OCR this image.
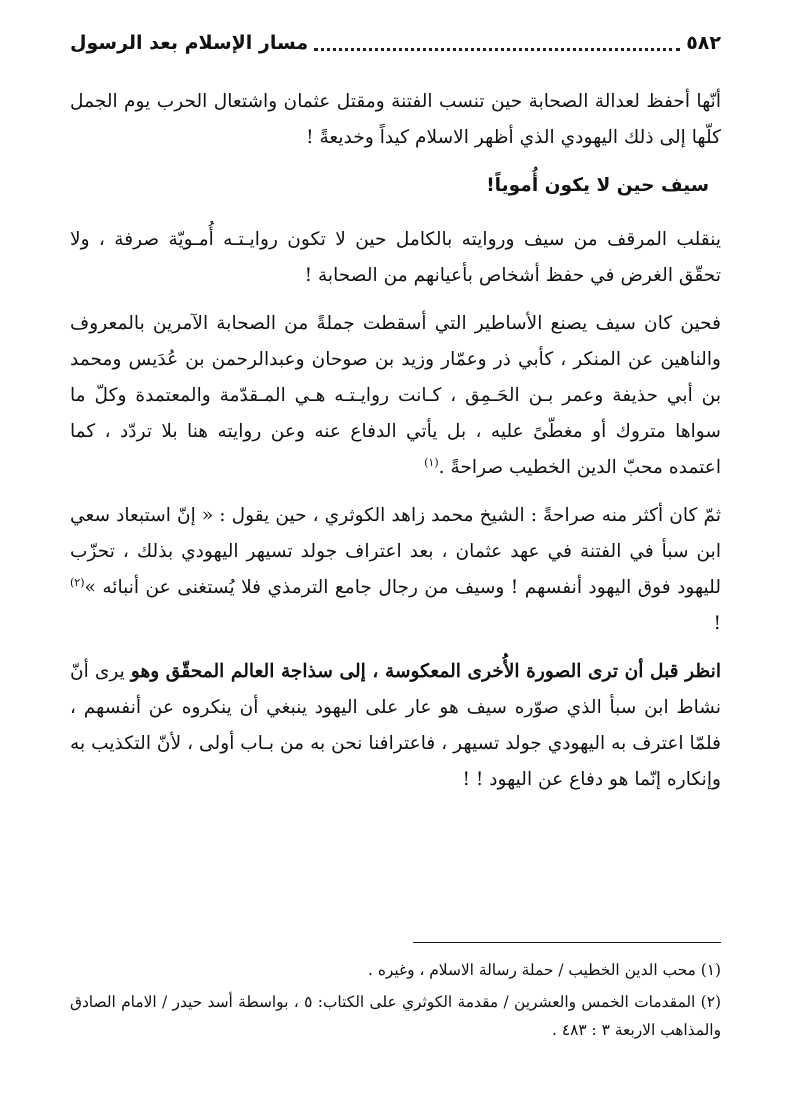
٥٨٢
مسار الإسلام بعد الرسول

أنّها أحفظ لعدالة الصحابة حين تنسب الفتنة ومقتل عثمان واشتعال الحرب يوم الجمل كلّها إلى ذلك اليهودي الذي أظهر الاسلام كيداً وخديعةً !

سيف حين لا يكون أُموياً!

ينقلب المرقف من سيف وروايته بالكامل حين لا تكون روايـتـه أُمـويّة صرفة ، ولا تحقّق الغرض في حفظ أشخاص بأعيانهم من الصحابة !

فحين كان سيف يصنع الأساطير التي أسقطت جملةً من الصحابة الآمرين بالمعروف والناهين عن المنكر ، كأبي ذر وعمّار وزيد بن صوحان وعبدالرحمن بن عُدَيس ومحمد بن أبي حذيفة وعمر بـن الحَـمِق ، كـانت روايـتـه هـي المـقدّمة والمعتمدة وكلّ ما سواها متروك أو مغطّىً عليه ، بل يأتي الدفاع عنه وعن روايته هنا بلا تردّد ، كما اعتمده محبّ الدين الخطيب صراحةً .$^{(١)}$

ثمّ كان أكثر منه صراحةً : الشيخ محمد زاهد الكوثري ، حين يقول : « إنّ استبعاد سعي ابن سبأ في الفتنة في عهد عثمان ، بعد اعتراف جولد تسيهر اليهودي بذلك ، تحزّب لليهود فوق اليهود أنفسهم ! وسيف من رجال جامع الترمذي فلا يُستغنى عن أنبائه »$^{(٢)}$ !

انظر قبل أن ترى الصورة الأُخرى المعكوسة ، إلى سذاجة العالم المحقّق وهو يرى أنّ نشاط ابن سبأ الذي صوّره سيف هو عار على اليهود ينبغي أن ينكروه عن أنفسهم ، فلمّا اعترف به اليهودي جولد تسيهر ، فاعترافنا نحن به من بـاب أولى ، لأنّ التكذيب به وإنكاره إنّما هو دفاع عن اليهود ! !

(١) محب الدين الخطيب / حملة رسالة الاسلام ، وغيره .

(٢) المقدمات الخمس والعشرين / مقدمة الكوثري على الكتاب: ٥ ، بواسطة أسد حيدر / الامام الصادق والمذاهب الاربعة ٣ : ٤٨٣ .
